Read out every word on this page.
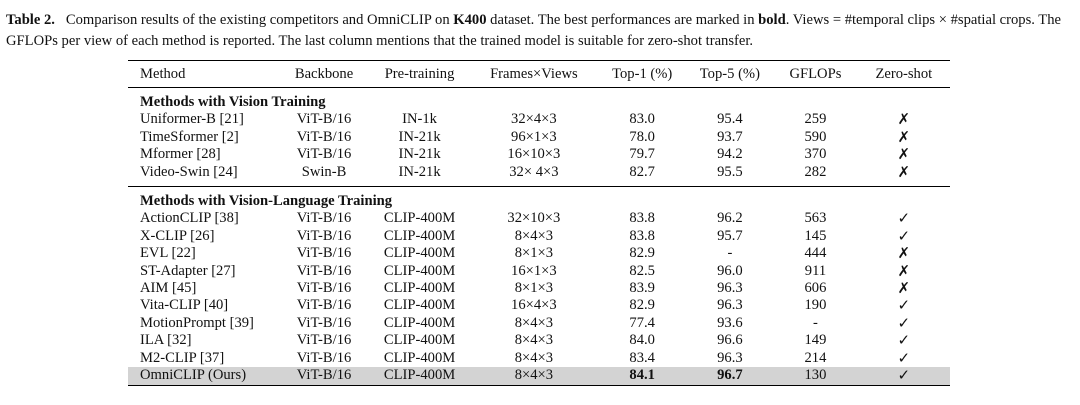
Table 2. Comparison results of the existing competitors and OmniCLIP on K400 dataset. The best performances are marked in bold. Views = #temporal clips × #spatial crops. The GFLOPs per view of each method is reported. The last column mentions that the trained model is suitable for zero-shot transfer.
Method	Backbone	Pre-training	Frames×Views	Top-1 (%)	Top-5 (%)	GFLOPs	Zero-shot
Methods with Vision Training							
Uniformer-B [21]	ViT-B/16	IN-1k	32×4×3	83.0	95.4	259	✗
TimeSformer [2]	ViT-B/16	IN-21k	96×1×3	78.0	93.7	590	✗
Mformer [28]	ViT-B/16	IN-21k	16×10×3	79.7	94.2	370	✗
Video-Swin [24]	Swin-B	IN-21k	32× 4×3	82.7	95.5	282	✗

Methods with Vision-Language Training							
ActionCLIP [38]	ViT-B/16	CLIP-400M	32×10×3	83.8	96.2	563	✓
X-CLIP [26]	ViT-B/16	CLIP-400M	8×4×3	83.8	95.7	145	✓
EVL [22]	ViT-B/16	CLIP-400M	8×1×3	82.9	-	444	✗
ST-Adapter [27]	ViT-B/16	CLIP-400M	16×1×3	82.5	96.0	911	✗
AIM [45]	ViT-B/16	CLIP-400M	8×1×3	83.9	96.3	606	✗
Vita-CLIP [40]	ViT-B/16	CLIP-400M	16×4×3	82.9	96.3	190	✓
MotionPrompt [39]	ViT-B/16	CLIP-400M	8×4×3	77.4	93.6	-	✓
ILA [32]	ViT-B/16	CLIP-400M	8×4×3	84.0	96.6	149	✓
M2-CLIP [37]	ViT-B/16	CLIP-400M	8×4×3	83.4	96.3	214	✓
OmniCLIP (Ours)	ViT-B/16	CLIP-400M	8×4×3	84.1	96.7	130	✓
